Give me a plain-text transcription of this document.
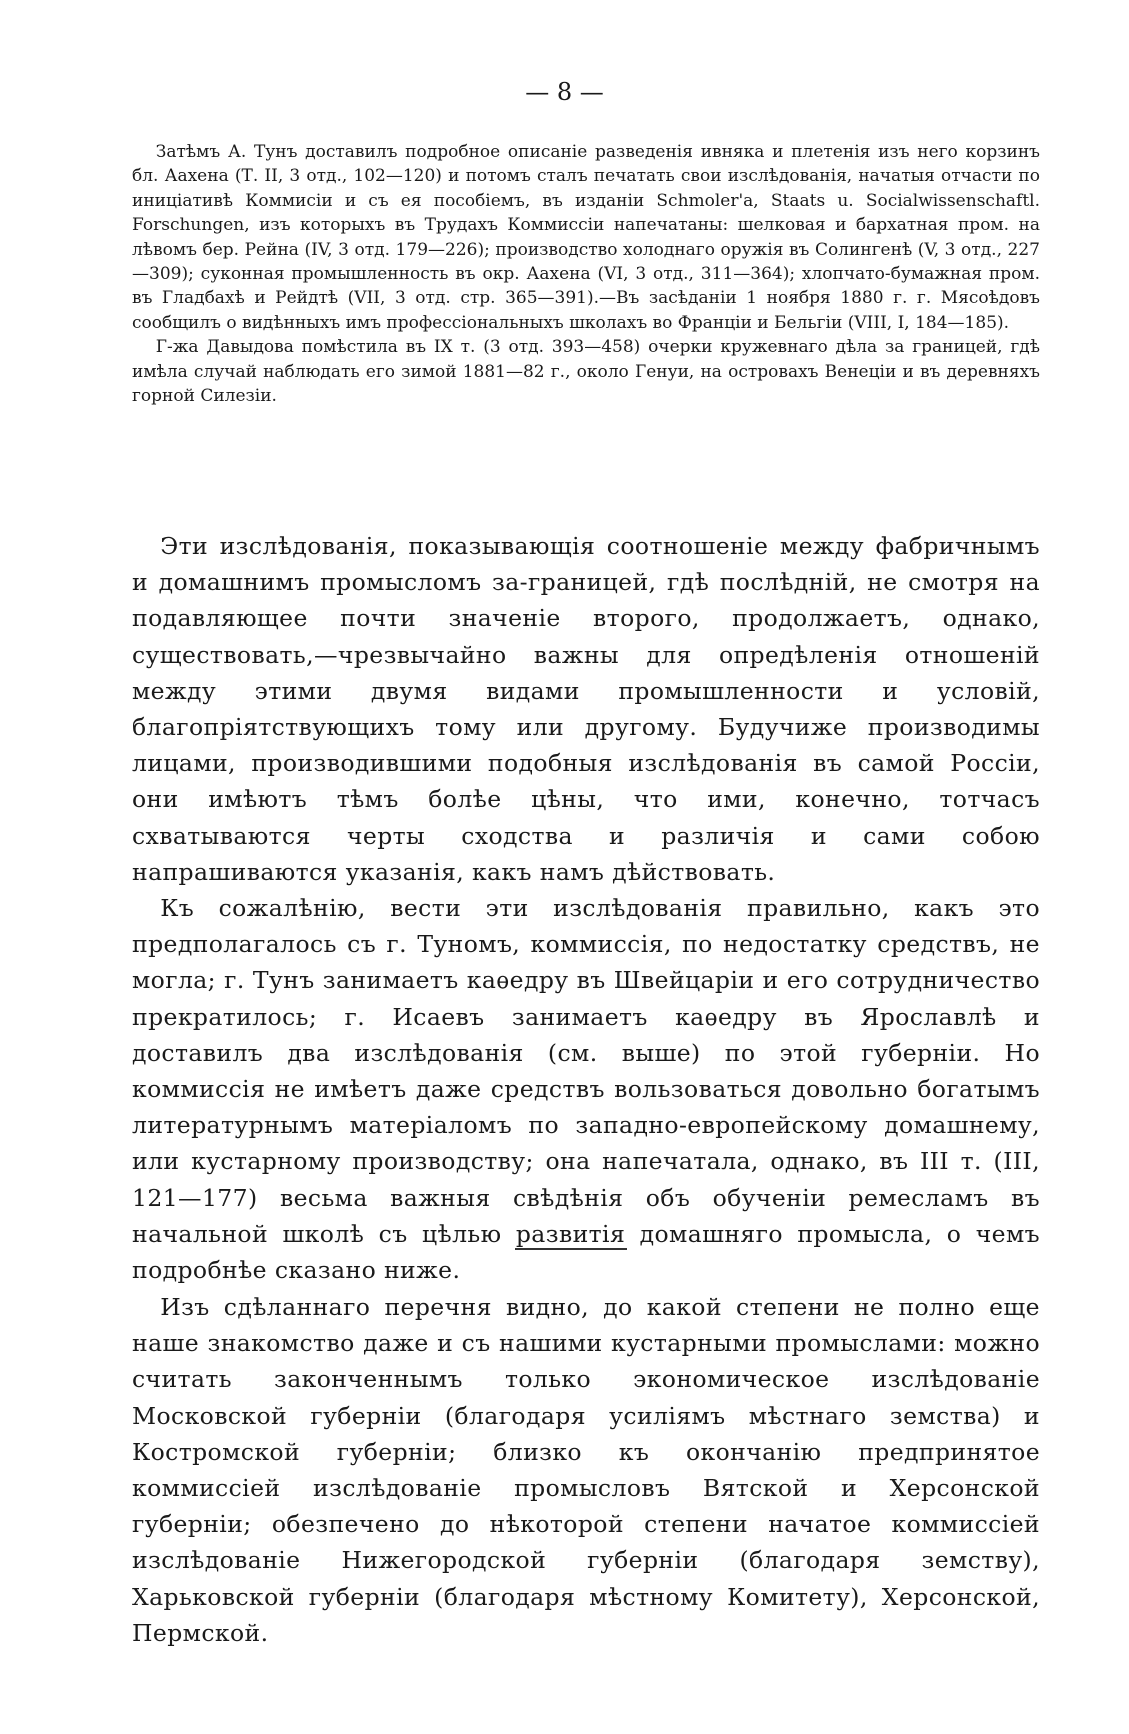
— 8 —

Затѣмъ А. Тунъ доставилъ подробное описаніе разведенія ивняка и плетенія изъ него корзинъ бл. Аахена (Т. II, 3 отд., 102—120) и потомъ сталъ печатать свои изслѣдованія, начатыя отчасти по иниціативѣ Коммисіи и съ ея пособіемъ, въ изданіи Schmoler'а, Staats u. Socialwissenschaftl. Forschungen, изъ которыхъ въ Трудахъ Коммиссіи напечатаны: шелковая и бархатная пром. на лѣвомъ бер. Рейна (IV, 3 отд. 179—226); производство холоднаго оружія въ Солингенѣ (V, 3 отд., 227—309); суконная промышленность въ окр. Аахена (VI, 3 отд., 311—364); хлопчато-бумажная пром. въ Гладбахѣ и Рейдтѣ (VII, 3 отд. стр. 365—391).—Въ засѣданіи 1 ноября 1880 г. г. Мясоѣдовъ сообщилъ о видѣнныхъ имъ профессіональныхъ школахъ во Франціи и Бельгіи (VIII, I, 184—185).

Г-жа Давыдова помѣстила въ IX т. (3 отд. 393—458) очерки кружевнаго дѣла за границей, гдѣ имѣла случай наблюдать его зимой 1881—82 г., около Генуи, на островахъ Венеціи и въ деревняхъ горной Силезіи.

Эти изслѣдованія, показывающія соотношеніе между фабричнымъ и домашнимъ промысломъ за-границей, гдѣ послѣдній, не смотря на подавляющее почти значеніе второго, продолжаетъ, однако, существовать,—чрезвычайно важны для опредѣленія отношеній между этими двумя видами промышленности и условій, благопріятствующихъ тому или другому. Будучиже производимы лицами, производившими подобныя изслѣдованія въ самой Россіи, они имѣютъ тѣмъ болѣе цѣны, что ими, конечно, тотчасъ схватываются черты сходства и различія и сами собою напрашиваются указанія, какъ намъ дѣйствовать.

Къ сожалѣнію, вести эти изслѣдованія правильно, какъ это предполагалось съ г. Туномъ, коммиссія, по недостатку средствъ, не могла; г. Тунъ занимаетъ каѳедру въ Швейцаріи и его сотрудничество прекратилось; г. Исаевъ занимаетъ каѳедру въ Ярославлѣ и доставилъ два изслѣдованія (см. выше) по этой губерніи. Но коммиссія не имѣетъ даже средствъ вользоваться довольно богатымъ литературнымъ матеріаломъ по западно-европейскому домашнему, или кустарному производству; она напечатала, однако, въ III т. (III, 121—177) весьма важныя свѣдѣнія объ обученіи ремесламъ въ начальной школѣ съ цѣлью развитія домашняго промысла, о чемъ подробнѣе сказано ниже.

Изъ сдѣланнаго перечня видно, до какой степени не полно еще наше знакомство даже и съ нашими кустарными промыслами: можно считать законченнымъ только экономическое изслѣдованіе Московской губерніи (благодаря усиліямъ мѣстнаго земства) и Костромской губерніи; близко къ окончанію предпринятое коммиссіей изслѣдованіе промысловъ Вятской и Херсонской губерніи; обезпечено до нѣкоторой степени начатое коммиссіей изслѣдованіе Нижегородской губерніи (благодаря земству), Харьковской губерніи (благодаря мѣстному Комитету), Херсонской, Пермской.
